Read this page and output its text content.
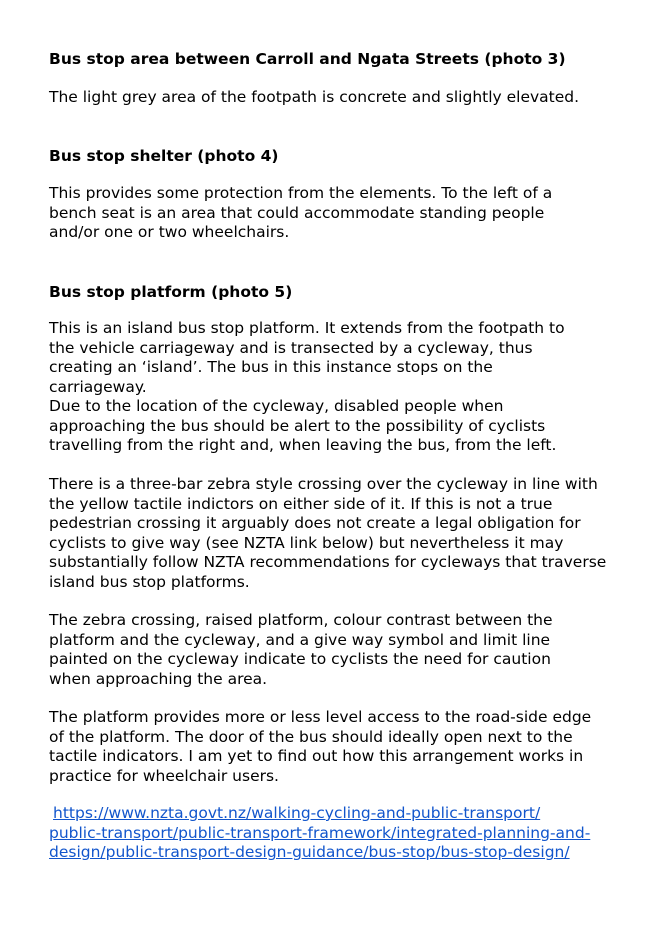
Bus stop area between Carroll and Ngata Streets (photo 3)

The light grey area of the footpath is concrete and slightly elevated.

Bus stop shelter (photo 4)

This provides some protection from the elements. To the left of a bench seat is an area that could accommodate standing people and/or one or two wheelchairs.

Bus stop platform (photo 5)

This is an island bus stop platform. It extends from the footpath to the vehicle carriageway and is transected by a cycleway, thus creating an ‘island’. The bus in this instance stops on the carriageway.

Due to the location of the cycleway, disabled people when approaching the bus should be alert to the possibility of cyclists travelling from the right and, when leaving the bus, from the left.

There is a three-bar zebra style crossing over the cycleway in line with the yellow tactile indictors on either side of it. If this is not a true pedestrian crossing it arguably does not create a legal obligation for cyclists to give way (see NZTA link below) but nevertheless it may substantially follow NZTA recommendations for cycleways that traverse island bus stop platforms.

The zebra crossing, raised platform, colour contrast between the platform and the cycleway, and a give way symbol and limit line painted on the cycleway indicate to cyclists the need for caution when approaching the area.

The platform provides more or less level access to the road-side edge of the platform. The door of the bus should ideally open next to the tactile indicators. I am yet to find out how this arrangement works in practice for wheelchair users.

https://www.nzta.govt.nz/walking-cycling-and-public-transport/
public-transport/public-transport-framework/integrated-planning-and-
design/public-transport-design-guidance/bus-stop/bus-stop-design/
